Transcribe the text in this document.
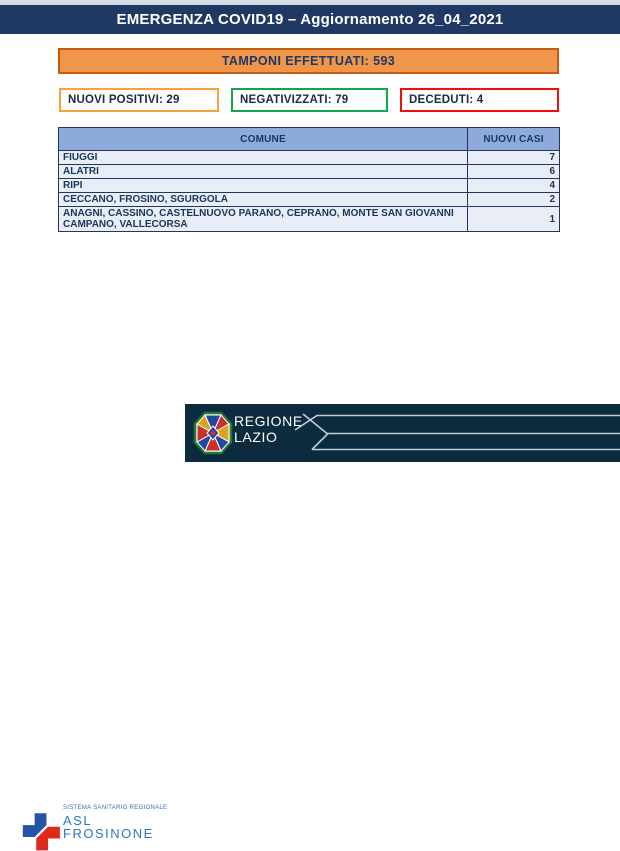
EMERGENZA COVID19 – Aggiornamento 26_04_2021
TAMPONI EFFETTUATI: 593
NUOVI POSITIVI: 29	NEGATIVIZZATI: 79	DECEDUTI: 4
COMUNE	NUOVI CASI
FIUGGI	7
ALATRI	6
RIPI	4
CECCANO, FROSINO, SGURGOLA	2
ANAGNI, CASSINO, CASTELNUOVO PARANO, CEPRANO, MONTE SAN GIOVANNI CAMPANO, VALLECORSA	1
SISTEMA SANITARIO REGIONALE
ASL
FROSINONE
REGIONE
LAZIO
